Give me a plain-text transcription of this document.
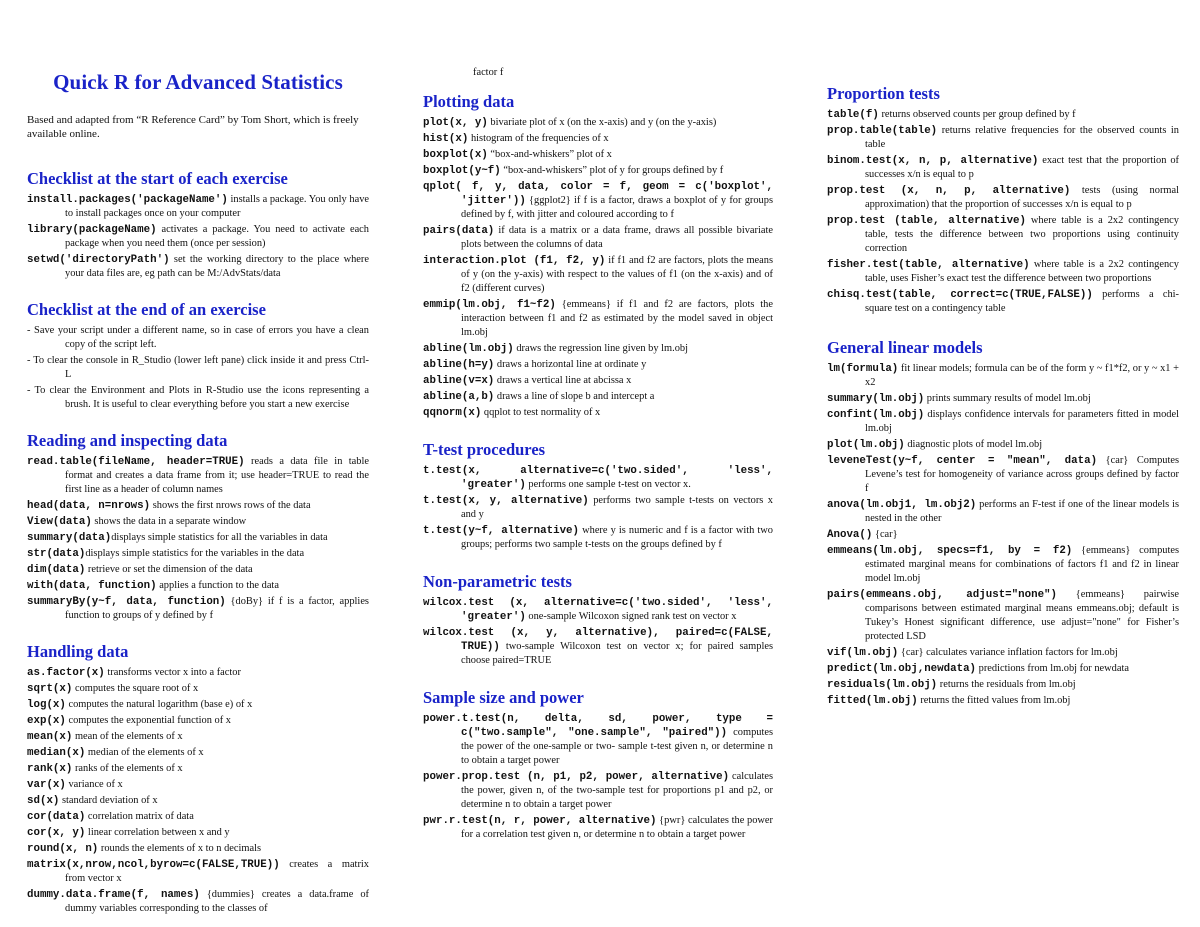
Quick R for Advanced Statistics
Based and adapted from “R Reference Card” by Tom Short, which is freely available online.
Checklist at the start of each exercise
install.packages('packageName') installs a package. You only have to install packages once on your computer
library(packageName) activates a package. You need to activate each package when you need them (once per session)
setwd('directoryPath') set the working directory to the place where your data files are, eg path can be M:/AdvStats/data
Checklist at the end of an exercise
- Save your script under a different name, so in case of errors you have a clean copy of the script left.
- To clear the console in R_Studio (lower left pane) click inside it and press Ctrl-L
- To clear the Environment and Plots in R-Studio use the icons representing a brush. It is useful to clear everything before you start a new exercise
Reading and inspecting data
read.table(fileName, header=TRUE) reads a data file in table format and creates a data frame from it; use header=TRUE to read the first line as a header of column names
head(data, n=nrows) shows the first nrows rows of the data
View(data) shows the data in a separate window
summary(data)displays simple statistics for all the variables in data
str(data)displays simple statistics for the variables in the data
dim(data) retrieve or set the dimension of the data
with(data, function) applies a function to the data
summaryBy(y~f, data, function) {doBy} if f is a factor, applies function to groups of y defined by f
Handling data
as.factor(x) transforms vector x into a factor
sqrt(x) computes the square root of x
log(x) computes the natural logarithm (base e) of x
exp(x) computes the exponential function of x
mean(x) mean of the elements of x
median(x) median of the elements of x
rank(x) ranks of the elements of x
var(x) variance of x
sd(x) standard deviation of x
cor(data) correlation matrix of data
cor(x, y) linear correlation between x and y
round(x, n) rounds the elements of x to n decimals
matrix(x,nrow,ncol,byrow=c(FALSE,TRUE)) creates a matrix from vector x
dummy.data.frame(f, names) {dummies} creates a data.frame of dummy variables corresponding to the classes of
factor f
Plotting data
plot(x, y) bivariate plot of x (on the x-axis) and y (on the y-axis)
hist(x) histogram of the frequencies of x
boxplot(x) “box-and-whiskers” plot of x
boxplot(y~f) “box-and-whiskers” plot of y for groups defined by f
qplot( f, y, data, color = f, geom = c('boxplot', 'jitter')) {ggplot2} if f is a factor, draws a boxplot of y for groups defined by f, with jitter and coloured according to f
pairs(data) if data is a matrix or a data frame, draws all possible bivariate plots between the columns of data
interaction.plot (f1, f2, y) if f1 and f2 are factors, plots the means of y (on the y-axis) with respect to the values of f1 (on the x-axis) and of f2 (different curves)
emmip(lm.obj, f1~f2) {emmeans} if f1 and f2 are factors, plots the interaction between f1 and f2 as estimated by the model saved in object lm.obj
abline(lm.obj) draws the regression line given by lm.obj
abline(h=y) draws a horizontal line at ordinate y
abline(v=x) draws a vertical line at abcissa x
abline(a,b) draws a line of slope b and intercept a
qqnorm(x) qqplot to test normality of x
T-test procedures
t.test(x, alternative=c('two.sided', 'less', 'greater') performs one sample t-test on vector x.
t.test(x, y, alternative) performs two sample t-tests on vectors x and y
t.test(y~f, alternative) where y is numeric and f is a factor with two groups; performs two sample t-tests on the groups defined by f
Non-parametric tests
wilcox.test (x, alternative=c('two.sided', 'less', 'greater') one-sample Wilcoxon signed rank test on vector x
wilcox.test (x, y, alternative), paired=c(FALSE, TRUE)) two-sample Wilcoxon test on vector x; for paired samples choose paired=TRUE
Sample size and power
power.t.test(n, delta, sd, power, type = c("two.sample", "one.sample", "paired")) computes the power of the one-sample or two- sample t-test given n, or determine n to obtain a target power
power.prop.test (n, p1, p2, power, alternative) calculates the power, given n, of the two-sample test for proportions p1 and p2, or determine n to obtain a target power
pwr.r.test(n, r, power, alternative) {pwr} calculates the power for a correlation test given n, or determine n to obtain a target power
Proportion tests
table(f) returns observed counts per group defined by f
prop.table(table) returns relative frequencies for the observed counts in table
binom.test(x, n, p, alternative) exact test that the proportion of successes x/n is equal to p
prop.test (x, n, p, alternative) tests (using normal approximation) that the proportion of successes x/n is equal to p
prop.test (table, alternative) where table is a 2x2 contingency table, tests the difference between two proportions using continuity correction
fisher.test(table, alternative) where table is a 2x2 contingency table, uses Fisher’s exact test the difference between two proportions
chisq.test(table, correct=c(TRUE,FALSE)) performs a chi-square test on a contingency table
General linear models
lm(formula) fit linear models; formula can be of the form y ~ f1*f2, or y ~ x1 + x2
summary(lm.obj) prints summary results of model lm.obj
confint(lm.obj) displays confidence intervals for parameters fitted in model lm.obj
plot(lm.obj) diagnostic plots of model lm.obj
leveneTest(y~f, center = "mean", data) {car} Computes Levene’s test for homogeneity of variance across groups defined by factor f
anova(lm.obj1, lm.obj2) performs an F-test if one of the linear models is nested in the other
Anova() {car}
emmeans(lm.obj, specs=f1, by = f2) {emmeans} computes estimated marginal means for combinations of factors f1 and f2 in linear model lm.obj
pairs(emmeans.obj, adjust="none") {emmeans} pairwise comparisons between estimated marginal means emmeans.obj; default is Tukey’s Honest significant difference, use adjust="none" for Fisher’s protected LSD
vif(lm.obj) {car} calculates variance inflation factors for lm.obj
predict(lm.obj,newdata) predictions from lm.obj for newdata
residuals(lm.obj) returns the residuals from lm.obj
fitted(lm.obj) returns the fitted values from lm.obj
